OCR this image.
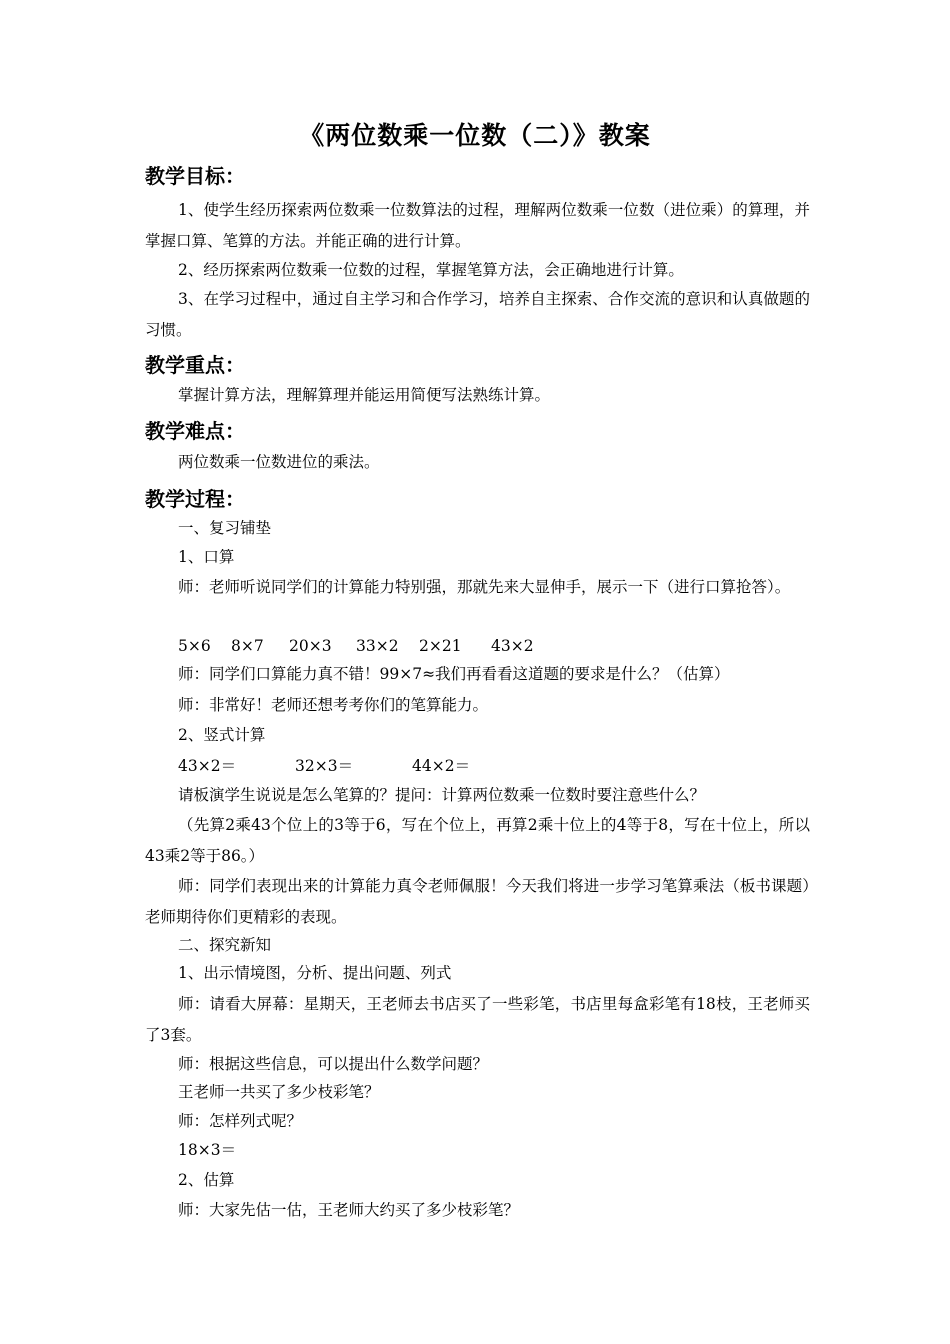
《两位数乘一位数（二）》教案
教学目标：
1、使学生经历探索两位数乘一位数算法的过程，理解两位数乘一位数（进位乘）的算理，并掌握口算、笔算的方法。并能正确的进行计算。
2、经历探索两位数乘一位数的过程，掌握笔算方法，会正确地进行计算。
3、在学习过程中，通过自主学习和合作学习，培养自主探索、合作交流的意识和认真做题的习惯。
教学重点：
掌握计算方法，理解算理并能运用简便写法熟练计算。
教学难点：
两位数乘一位数进位的乘法。
教学过程：
一、复习铺垫
1、口算
师：老师听说同学们的计算能力特别强，那就先来大显伸手，展示一下（进行口算抢答）。
5×6 8×7 20×3 33×2 2×21 43×2
师：同学们口算能力真不错！99×7≈我们再看看这道题的要求是什么？（估算）
师：非常好！老师还想考考你们的笔算能力。
2、竖式计算
43×2＝	32×3＝	44×2＝
请板演学生说说是怎么笔算的？提问：计算两位数乘一位数时要注意些什么？
（先算2乘43个位上的3等于6，写在个位上，再算2乘十位上的4等于8，写在十位上，所以43乘2等于86。）
师：同学们表现出来的计算能力真令老师佩服！今天我们将进一步学习笔算乘法（板书课题）老师期待你们更精彩的表现。
二、探究新知
1、出示情境图，分析、提出问题、列式
师：请看大屏幕：星期天，王老师去书店买了一些彩笔，书店里每盒彩笔有18枝，王老师买了3套。
师：根据这些信息，可以提出什么数学问题？
王老师一共买了多少枝彩笔？
师：怎样列式呢？
18×3＝
2、估算
师：大家先估一估，王老师大约买了多少枝彩笔？
